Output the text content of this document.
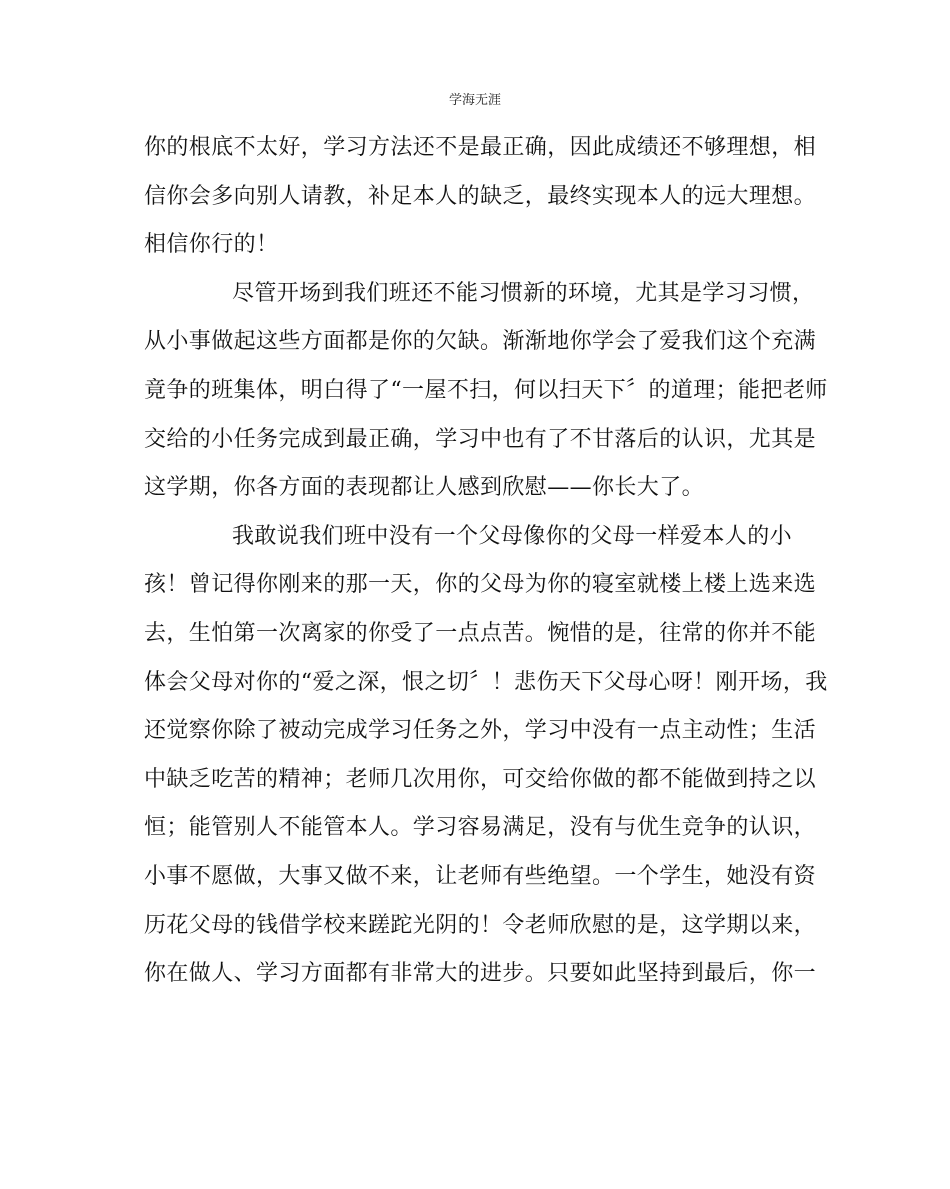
学海无涯
你的根底不太好，学习方法还不是最正确，因此成绩还不够理想，相
信你会多向别人请教，补足本人的缺乏，最终实现本人的远大理想。
相信你行的！
尽管开场到我们班还不能习惯新的环境，尤其是学习习惯，
从小事做起这些方面都是你的欠缺。渐渐地你学会了爱我们这个充满
竟争的班集体，明白得了“一屋不扫，何以扫天下〞的道理；能把老师
交给的小任务完成到最正确，学习中也有了不甘落后的认识，尤其是
这学期，你各方面的表现都让人感到欣慰——你长大了。
我敢说我们班中没有一个父母像你的父母一样爱本人的小
孩！曾记得你刚来的那一天，你的父母为你的寝室就楼上楼上选来选
去，生怕第一次离家的你受了一点点苦。惋惜的是，往常的你并不能
体会父母对你的“爱之深，恨之切〞！悲伤天下父母心呀！刚开场，我
还觉察你除了被动完成学习任务之外，学习中没有一点主动性；生活
中缺乏吃苦的精神；老师几次用你，可交给你做的都不能做到持之以
恒；能管别人不能管本人。学习容易满足，没有与优生竞争的认识，
小事不愿做，大事又做不来，让老师有些绝望。一个学生，她没有资
历花父母的钱借学校来蹉跎光阴的！令老师欣慰的是，这学期以来，
你在做人、学习方面都有非常大的进步。只要如此坚持到最后，你一
